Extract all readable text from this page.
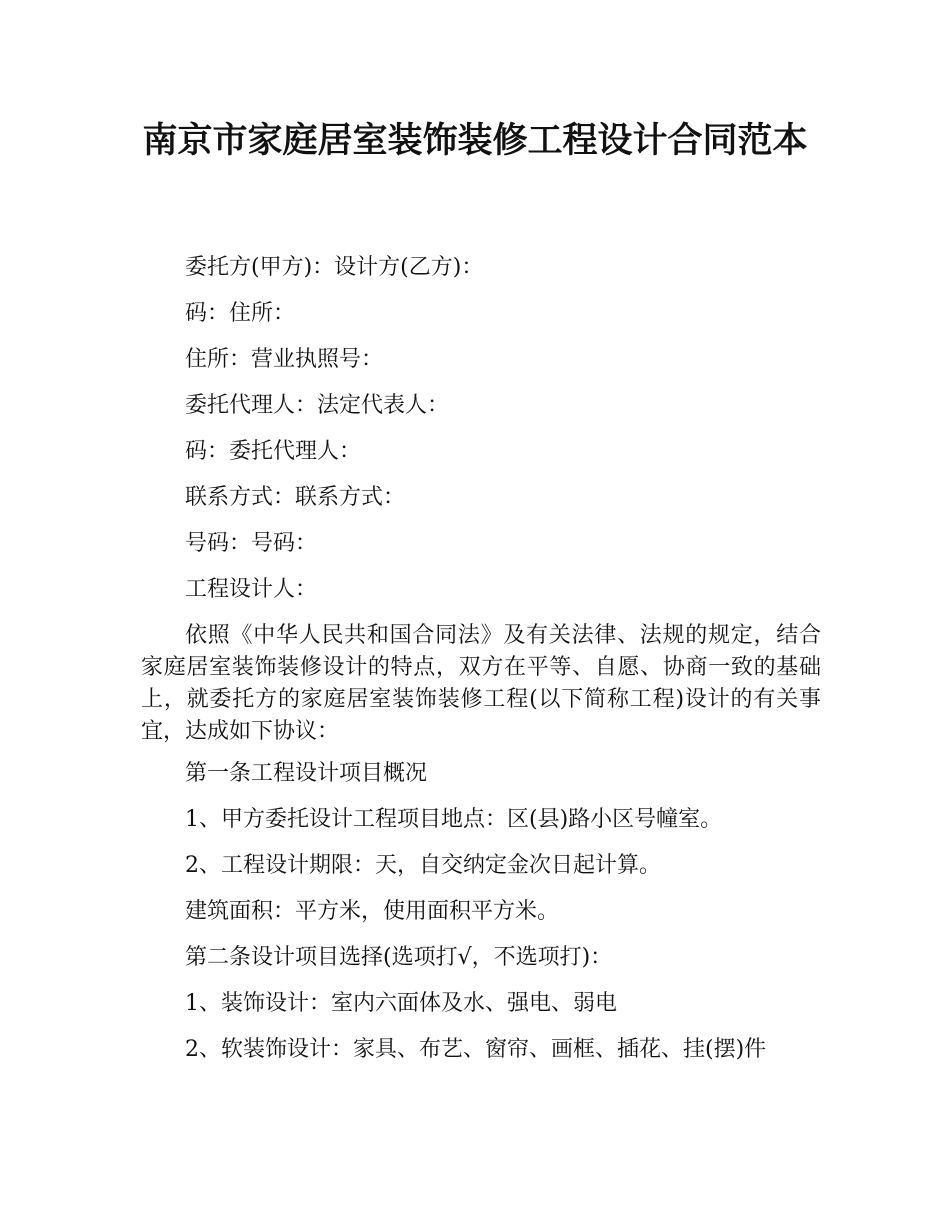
南京市家庭居室装饰装修工程设计合同范本

委托方(甲方)：设计方(乙方)：

码：住所：

住所：营业执照号：

委托代理人：法定代表人：

码：委托代理人：

联系方式：联系方式：

号码：号码：

工程设计人：

依照《中华人民共和国合同法》及有关法律、法规的规定，结合家庭居室装饰装修设计的特点，双方在平等、自愿、协商一致的基础上，就委托方的家庭居室装饰装修工程(以下简称工程)设计的有关事宜，达成如下协议：

第一条工程设计项目概况

1、甲方委托设计工程项目地点：区(县)路小区号幢室。

2、工程设计期限：天，自交纳定金次日起计算。

建筑面积：平方米，使用面积平方米。

第二条设计项目选择(选项打√，不选项打)：

1、装饰设计：室内六面体及水、强电、弱电

2、软装饰设计：家具、布艺、窗帘、画框、插花、挂(摆)件
